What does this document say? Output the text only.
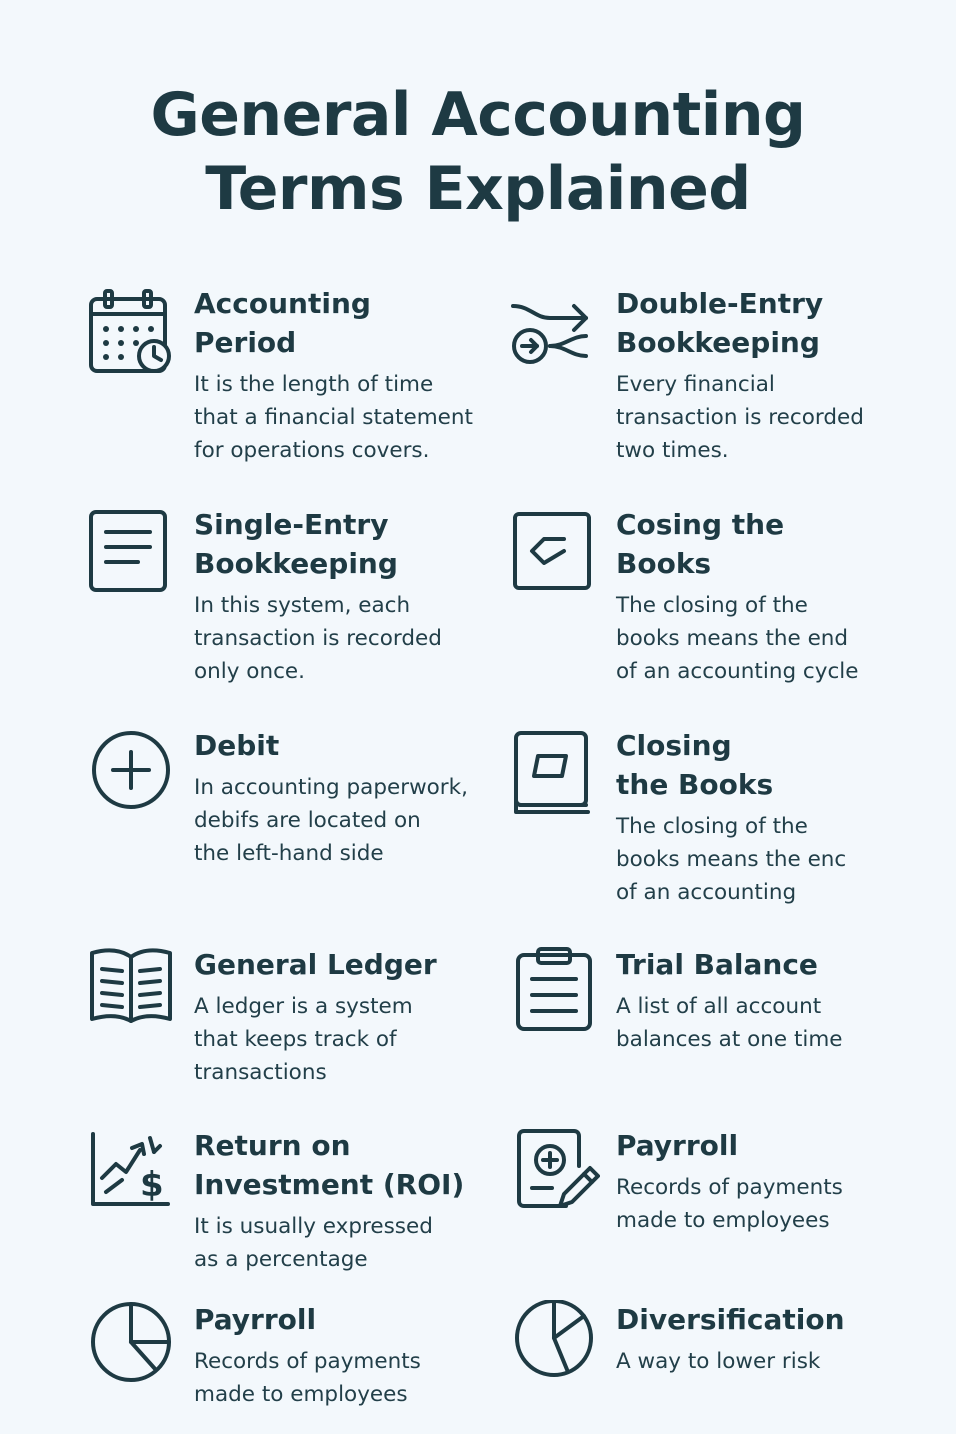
General Accounting
Terms Explained
Accounting
Period
It is the length of time
that a financial statement
for operations covers.
Double-Entry
Bookkeeping
Every financial
transaction is recorded
two times.
Single-Entry
Bookkeeping
In this system, each
transaction is recorded
only once.
Cosing the
Books
The closing of the
books means the end
of an accounting cycle
Debit
In accounting paperwork,
debifs are located on
the left-hand side
Closing
the Books
The closing of the
books means the enc
of an accounting
General Ledger
A ledger is a system
that keeps track of
transactions
Trial Balance
A list of all account
balances at one time
$
Return on
Investment (ROI)
It is usually expressed
as a percentage
Payrroll
Records of payments
made to employees
Payrroll
Records of payments
made to employees
Diversification
A way to lower risk
